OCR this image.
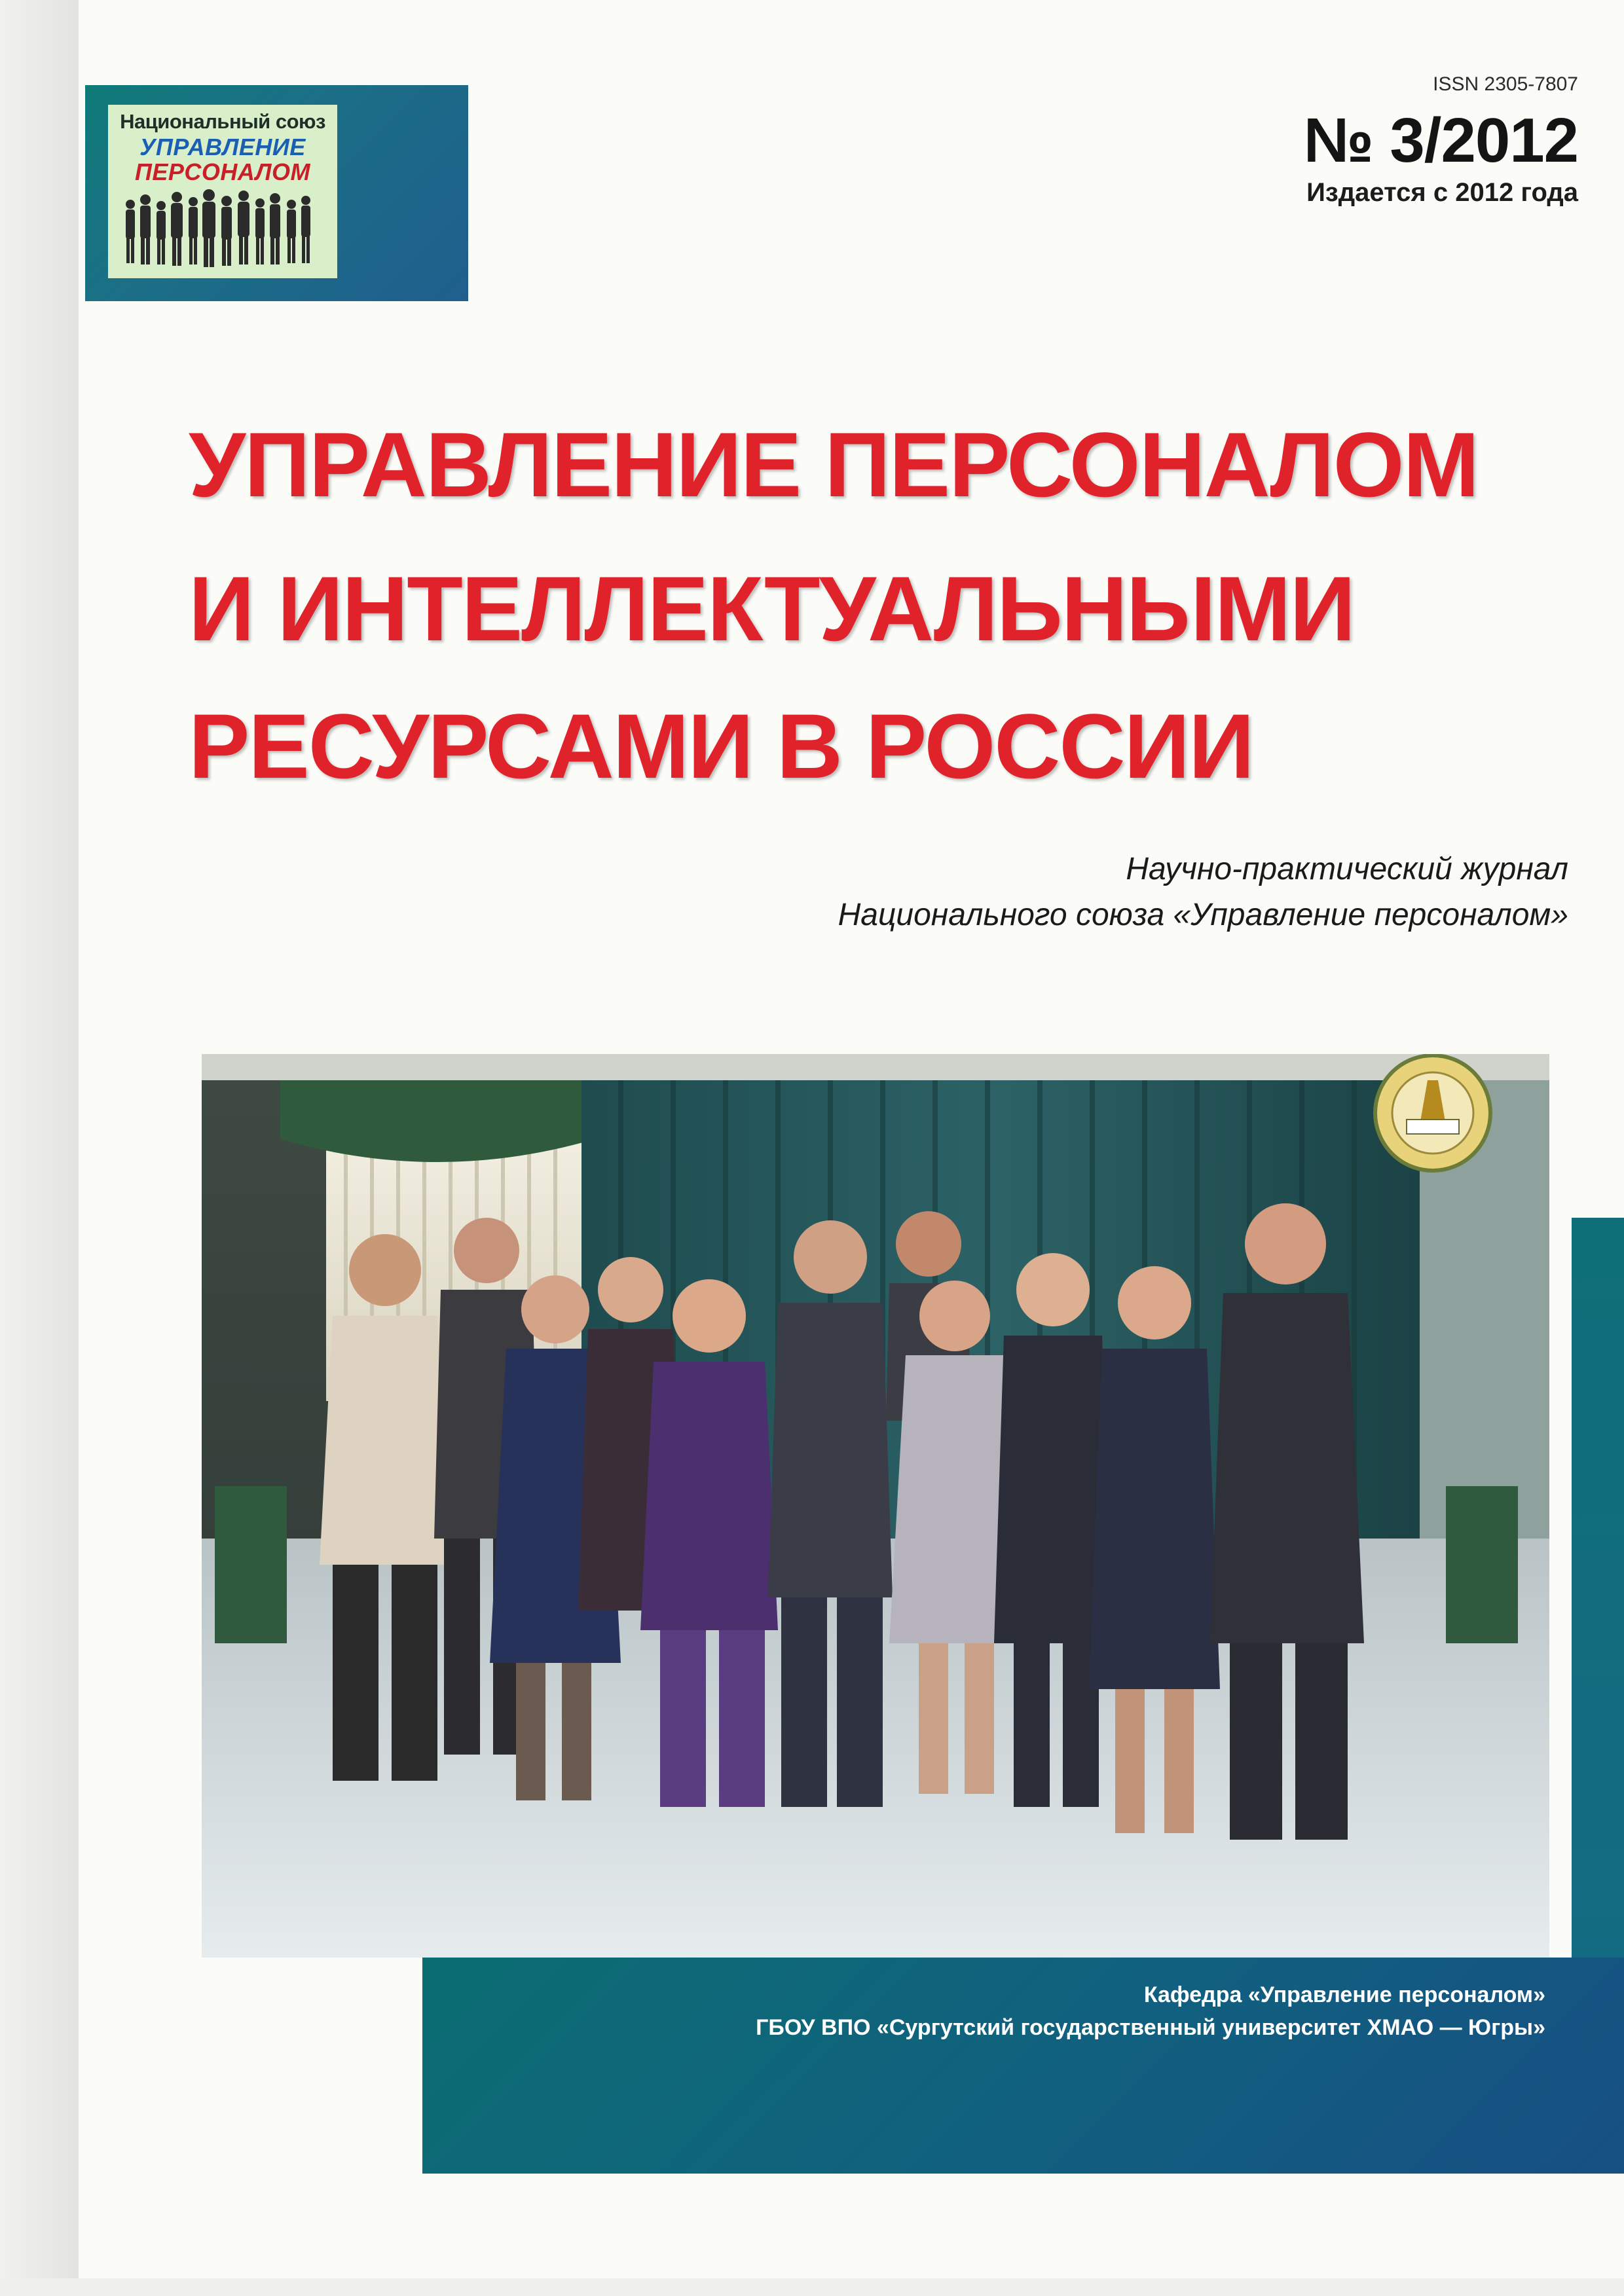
Национальный союз
УПРАВЛЕНИЕ
ПЕРСОНАЛОМ
ISSN 2305-7807
№ 3/2012
Издается с 2012 года
УПРАВЛЕНИЕ ПЕРСОНАЛОМ
И ИНТЕЛЛЕКТУАЛЬНЫМИ
РЕСУРСАМИ В РОССИИ
Научно-практический журнал
Национального союза «Управление персоналом»
Кафедра «Управление персоналом»
ГБОУ ВПО «Сургутский государственный университет ХМАО — Югры»
